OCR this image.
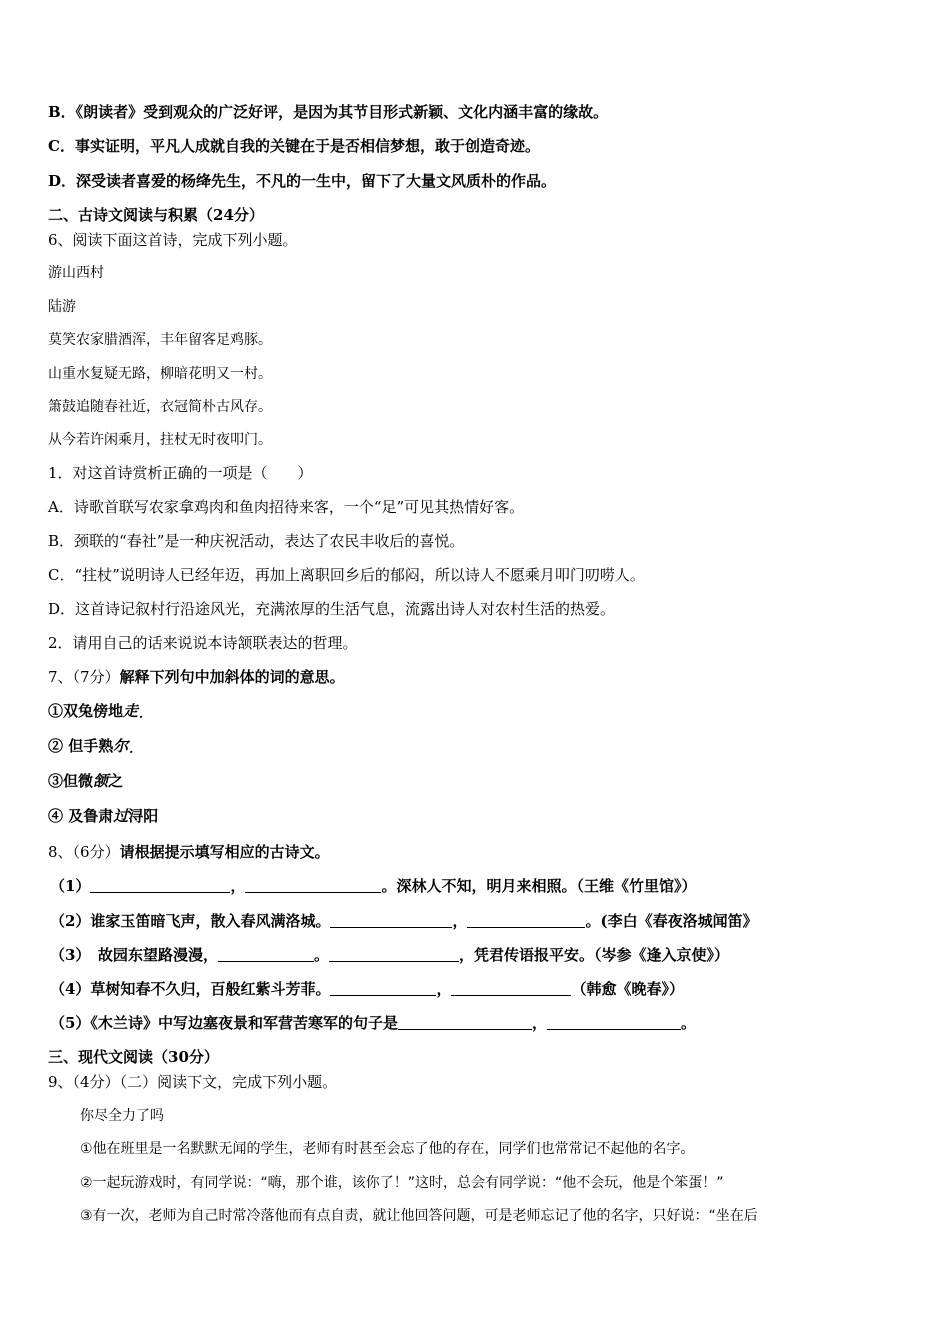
B．《朗读者》受到观众的广泛好评，是因为其节目形式新颖、文化内涵丰富的缘故。
C．事实证明，平凡人成就自我的关键在于是否相信梦想，敢于创造奇迹。
D．深受读者喜爱的杨绛先生，不凡的一生中，留下了大量文风质朴的作品。
二、古诗文阅读与积累（24分）
6、阅读下面这首诗，完成下列小题。
游山西村
陆游
莫笑农家腊酒浑，丰年留客足鸡豚。
山重水复疑无路，柳暗花明又一村。
箫鼓追随春社近，衣冠简朴古风存。
从今若许闲乘月，拄杖无时夜叩门。
1．对这首诗赏析正确的一项是（　　）
A．诗歌首联写农家拿鸡肉和鱼肉招待来客，一个“足”可见其热情好客。
B．颈联的“春社”是一种庆祝活动，表达了农民丰收后的喜悦。
C．“拄杖”说明诗人已经年迈，再加上离职回乡后的郁闷，所以诗人不愿乘月叩门叨唠人。
D．这首诗记叙村行沿途风光，充满浓厚的生活气息，流露出诗人对农村生活的热爱。
2．请用自己的话来说说本诗颔联表达的哲理。
7、（7分）解释下列句中加斜体的词的意思。
①双兔傍地走 .
② 但手熟尔 .
③但微颔之
④ 及鲁肃过浔阳
8、（6分）请根据提示填写相应的古诗文。
（1）	，	。深林人不知，明月来相照。（王维《竹里馆》）
（2）谁家玉笛暗飞声，散入春风满洛城。	，	。(李白《春夜洛城闻笛》
（3）　故园东望路漫漫，	。	，凭君传语报平安。（岑参《逢入京使》）
（4）草树知春不久归，百般红紫斗芳菲。	，	（韩愈《晚春》）
（5）《木兰诗》中写边塞夜景和军营苦寒军的句子是	，	。
三、现代文阅读（30分）
9、（4分）（二）阅读下文，完成下列小题。
你尽全力了吗
①他在班里是一名默默无闻的学生，老师有时甚至会忘了他的存在，同学们也常常记不起他的名字。
②一起玩游戏时，有同学说：“嗨，那个谁，该你了！”这时，总会有同学说：“他不会玩，他是个笨蛋！”
③有一次，老师为自己时常冷落他而有点自责，就让他回答问题，可是老师忘记了他的名字，只好说：“坐在后
